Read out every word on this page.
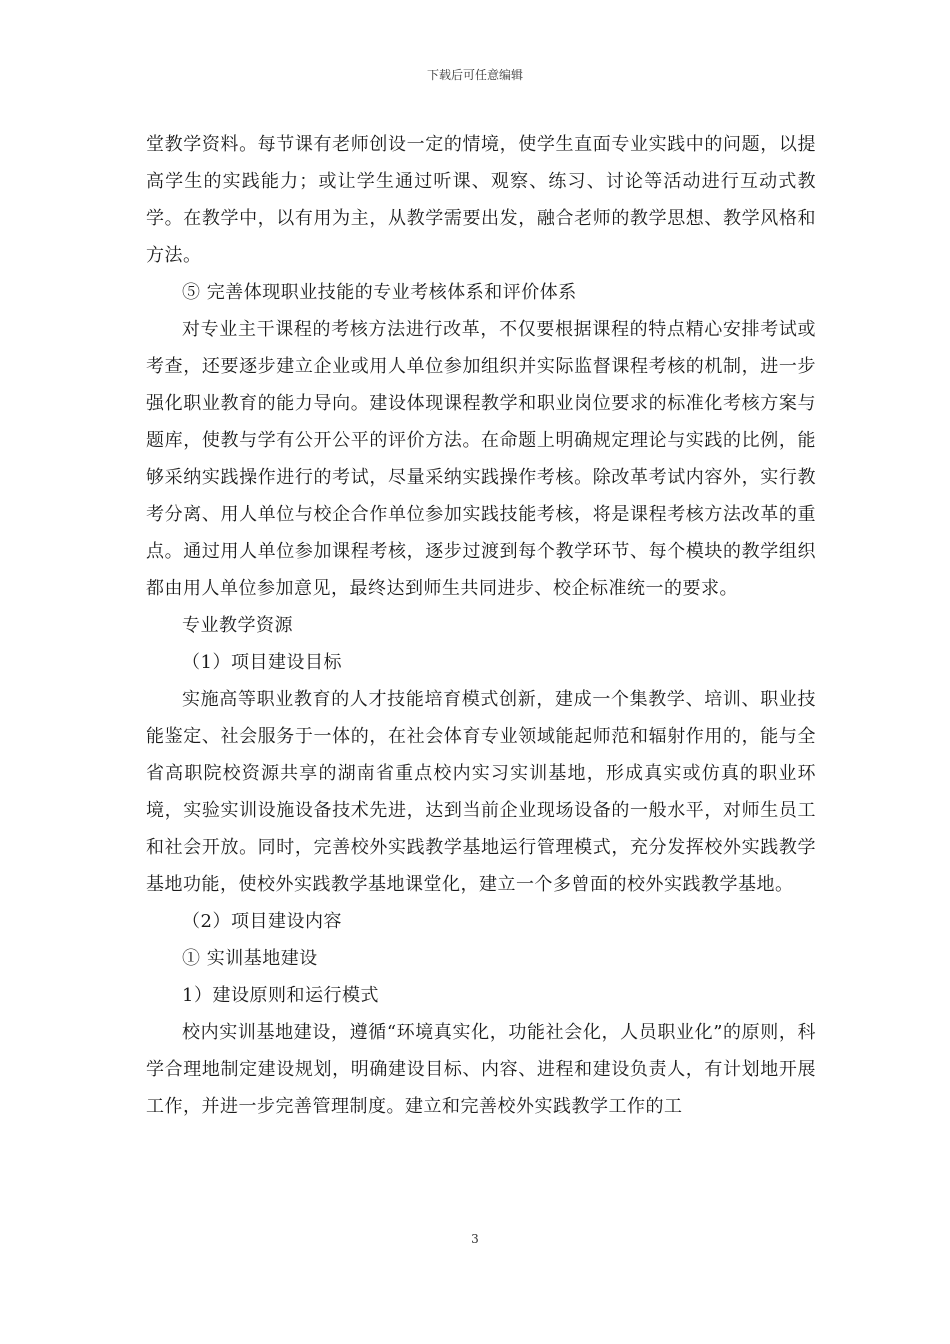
下载后可任意编辑

堂教学资料。每节课有老师创设一定的情境，使学生直面专业实践中的问题，以提高学生的实践能力；或让学生通过听课、观察、练习、讨论等活动进行互动式教学。在教学中，以有用为主，从教学需要出发，融合老师的教学思想、教学风格和方法。

⑤ 完善体现职业技能的专业考核体系和评价体系

对专业主干课程的考核方法进行改革，不仅要根据课程的特点精心安排考试或考查，还要逐步建立企业或用人单位参加组织并实际监督课程考核的机制，进一步强化职业教育的能力导向。建设体现课程教学和职业岗位要求的标准化考核方案与题库，使教与学有公开公平的评价方法。在命题上明确规定理论与实践的比例，能够采纳实践操作进行的考试，尽量采纳实践操作考核。除改革考试内容外，实行教考分离、用人单位与校企合作单位参加实践技能考核，将是课程考核方法改革的重点。通过用人单位参加课程考核，逐步过渡到每个教学环节、每个模块的教学组织都由用人单位参加意见，最终达到师生共同进步、校企标准统一的要求。

专业教学资源

（1）项目建设目标

实施高等职业教育的人才技能培育模式创新，建成一个集教学、培训、职业技能鉴定、社会服务于一体的，在社会体育专业领域能起师范和辐射作用的，能与全省高职院校资源共享的湖南省重点校内实习实训基地，形成真实或仿真的职业环境，实验实训设施设备技术先进，达到当前企业现场设备的一般水平，对师生员工和社会开放。同时，完善校外实践教学基地运行管理模式，充分发挥校外实践教学基地功能，使校外实践教学基地课堂化，建立一个多曾面的校外实践教学基地。

（2）项目建设内容

① 实训基地建设

1）建设原则和运行模式

校内实训基地建设，遵循“环境真实化，功能社会化，人员职业化”的原则，科学合理地制定建设规划，明确建设目标、内容、进程和建设负责人，有计划地开展工作，并进一步完善管理制度。建立和完善校外实践教学工作的工

3
